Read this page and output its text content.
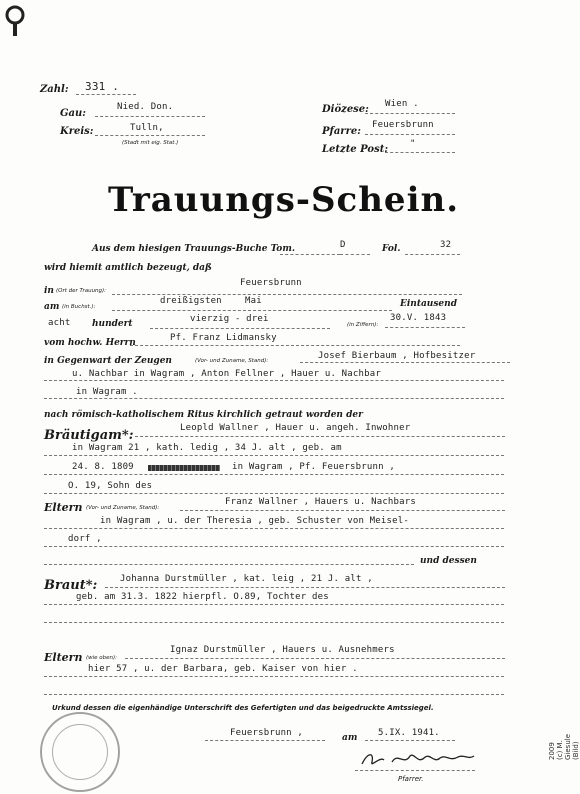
Zahl: 331 .
Gau:
Nied. Don.
Kreis:	Tulln,
(Stadt mit eig. Stat.)
Diözese: Wien .
Pfarre:
Feuersbrunn
Letzte Post: "
Trauungs-Schein.
Aus dem hiesigen Trauungs-Buche Tom.	D	Fol.	32
wird hiemit amtlich bezeugt, daß
in (Ort der Trauung):
Feuersbrunn
am (in Buchst.):
dreißigsten	Mai	Eintausend
acht hundert	vierzig - drei
(in Ziffern):
30.V. 1843
vom hochw. Herrn	Pf. Franz Lidmansky
in Gegenwart der Zeugen	(Vor- und Zuname, Stand):	Josef Bierbaum , Hofbesitzer
u. Nachbar in Wagram , Anton Fellner , Hauer u. Nachbar
in Wagram .
nach römisch-katholischem Ritus kirchlich getraut worden der
Bräutigam*:	Leopld Wallner , Hauer u. angeh. Inwohner
in Wagram 21 , kath. ledig , 34 J. alt , geb. am
24. 8. 1809	in Wagram , Pf. Feuersbrunn ,
O. 19, Sohn des
Eltern (Vor- und Zuname, Stand):
Franz Wallner , Hauers u. Nachbars
in Wagram , u. der Theresia , geb. Schuster von Meisel-
dorf ,
und dessen
Braut*:	Johanna Durstmüller , kat. leig , 21 J. alt ,
geb. am 31.3. 1822 hierpfl. O.89, Tochter des
Eltern (wie oben):
Ignaz Durstmüller , Hauers u. Ausnehmers
hier 57 , u. der Barbara, geb. Kaiser von hier .
Urkund dessen die eigenhändige Unterschrift des Gefertigten und das beigedruckte Amtssiegel.
Feuersbrunn ,	am 5.IX. 1941.
Pfarrer.
2009 (c) M. Giesule (Bild)
